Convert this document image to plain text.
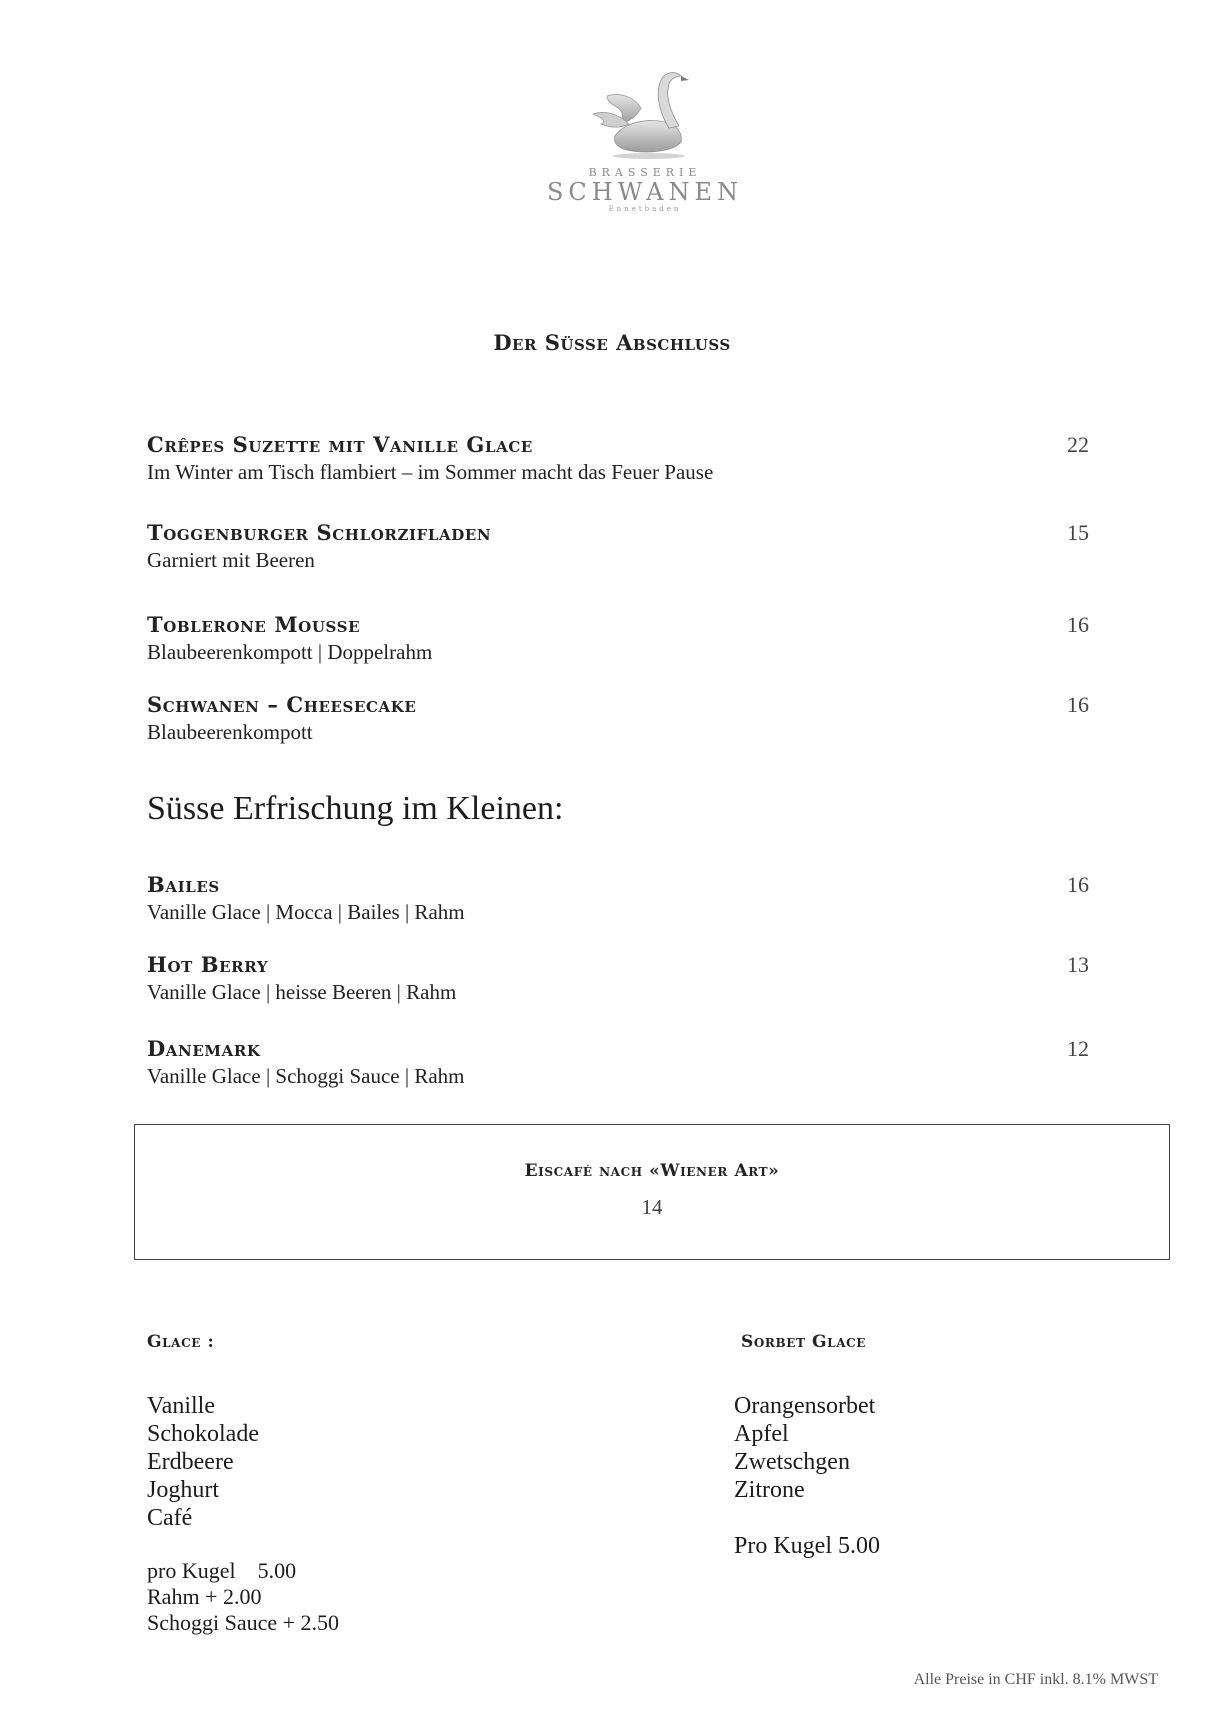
BRASSERIE
SCHWANEN
Ennetbaden
Der Süsse Abschluss
Crêpes Suzette mit Vanille Glace
Im Winter am Tisch flambiert – im Sommer macht das Feuer Pause
22
Toggenburger Schlorzifladen
Garniert mit Beeren
15
Toblerone Mousse
Blaubeerenkompott | Doppelrahm
16
Schwanen – Cheesecake
Blaubeerenkompott
16
Süsse Erfrischung im Kleinen:
Bailes
Vanille Glace | Mocca | Bailes | Rahm
16
Hot Berry
Vanille Glace | heisse Beeren | Rahm
13
Danemark
Vanille Glace | Schoggi Sauce | Rahm
12
Eiscafé nach «Wiener Art»
14
Glace :
Vanille
Schokolade
Erdbeere
Joghurt
Café
pro Kugel    5.00
Rahm + 2.00
Schoggi Sauce + 2.50
Sorbet Glace
Orangensorbet
Apfel
Zwetschgen
Zitrone
Pro Kugel 5.00
Alle Preise in CHF inkl. 8.1% MWST
